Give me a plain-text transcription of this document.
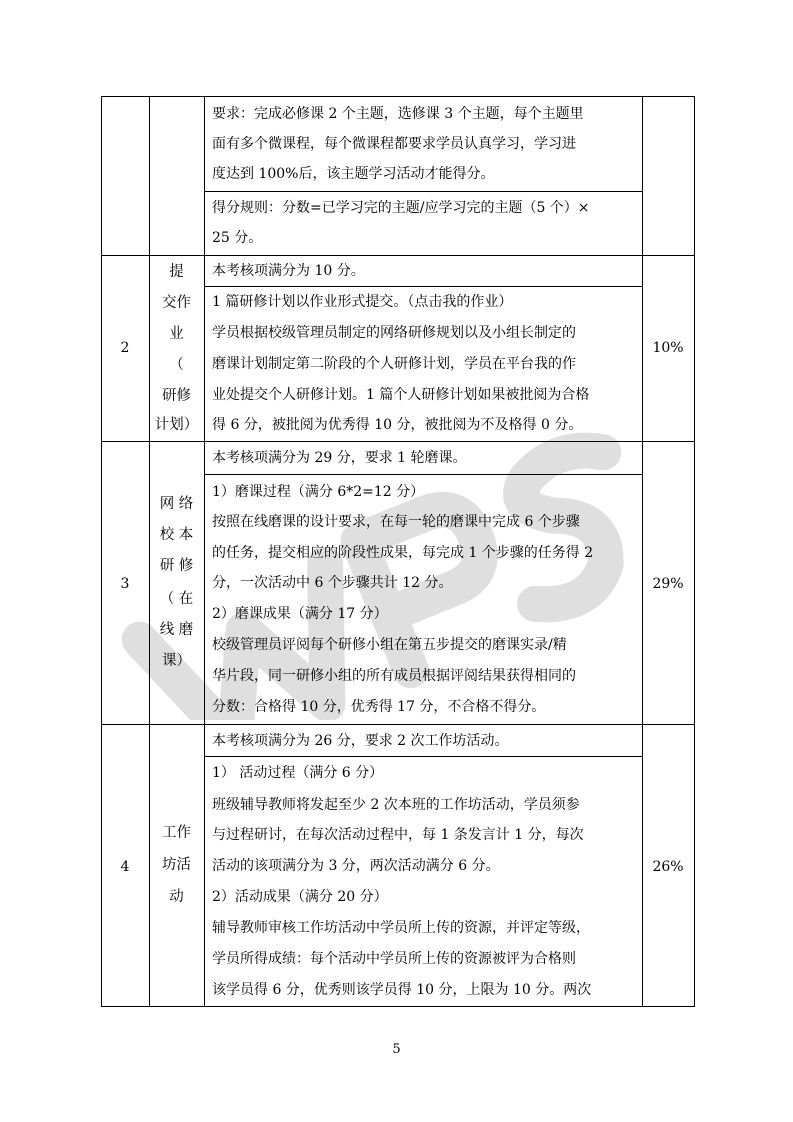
要求：完成必修课 2 个主题，选修课 3 个主题，每个主题里
面有多个微课程，每个微课程都要求学员认真学习，学习进
度达到 100%后，该主题学习活动才能得分。
得分规则：分数=已学习完的主题/应学习完的主题（5 个）×
25 分。
2
提
交作
业
（
研修
计划）
本考核项满分为 10 分。
1 篇研修计划以作业形式提交。（点击我的作业）
学员根据校级管理员制定的网络研修规划以及小组长制定的
磨课计划制定第二阶段的个人研修计划，学员在平台我的作
业处提交个人研修计划。1 篇个人研修计划如果被批阅为合格
得 6 分，被批阅为优秀得 10 分，被批阅为不及格得 0 分。
10%
3
网 络
校 本
研 修
（ 在
线 磨
课）
本考核项满分为 29 分，要求 1 轮磨课。
1）磨课过程（满分 6*2=12 分）
按照在线磨课的设计要求，在每一轮的磨课中完成 6 个步骤
的任务，提交相应的阶段性成果，每完成 1 个步骤的任务得 2
分，一次活动中 6 个步骤共计 12 分。
2）磨课成果（满分 17 分）
校级管理员评阅每个研修小组在第五步提交的磨课实录/精
华片段，同一研修小组的所有成员根据评阅结果获得相同的
分数：合格得 10 分，优秀得 17 分，不合格不得分。
29%
4
工作
坊活
动
本考核项满分为 26 分，要求 2 次工作坊活动。
1） 活动过程（满分 6 分）
班级辅导教师将发起至少 2 次本班的工作坊活动，学员须参
与过程研讨，在每次活动过程中，每 1 条发言计 1 分，每次
活动的该项满分为 3 分，两次活动满分 6 分。
2）活动成果（满分 20 分）
辅导教师审核工作坊活动中学员所上传的资源，并评定等级，
学员所得成绩：每个活动中学员所上传的资源被评为合格则
该学员得 6 分，优秀则该学员得 10 分，上限为 10 分。两次
26%
5
